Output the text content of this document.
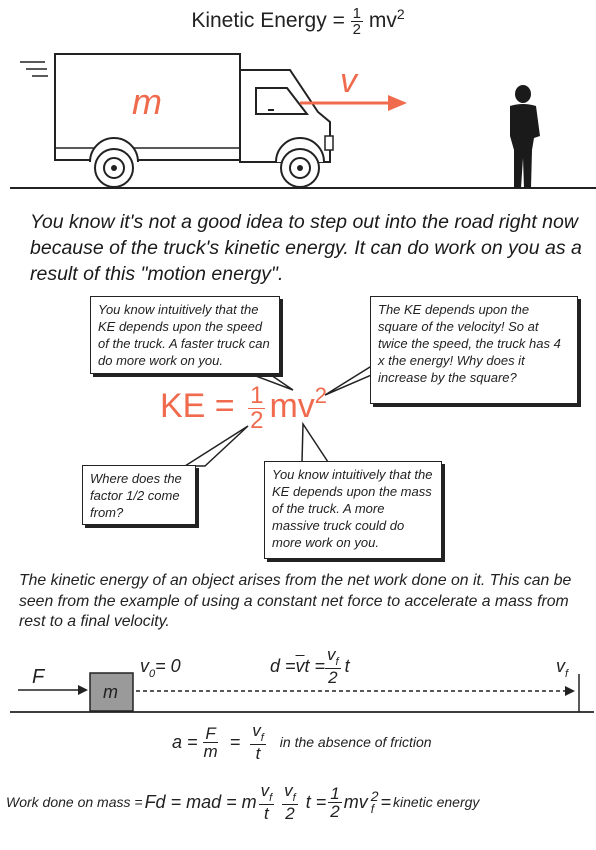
Kinetic Energy = $\frac{1}{2} mv^2$
m	v
You know it's not a good idea to step out into the road right now because of the truck's kinetic energy. It can do work on you as a result of this "motion energy".
You know intuitively that the KE depends upon the speed of the truck. A faster truck can do more work on you.
The KE depends upon the square of the velocity! So at twice the speed, the truck has 4 x the energy! Why does it increase by the square?
Where does the factor 1/2 come from?
You know intuitively that the KE depends upon the mass of the truck. A more massive truck could do more work on you.
KE = $\frac{1}{2} mv^2$
The kinetic energy of an object arises from the net work done on it. This can be seen from the example of using a constant net force to accelerate a mass from rest to a final velocity.
F
m
$v_0= 0$	$d = \overline{v}$ $t = \frac{v_f}{2}$ t	$v_f$
$a = \frac{F}{m} = \frac{v_f}{t}$ in the absence of friction
Work done on mass = Fd = mad = m $\frac{v_f}{t} \frac{v_f}{2}$ $t = \frac{1}{2}$ mv 2
f = kinetic energy
